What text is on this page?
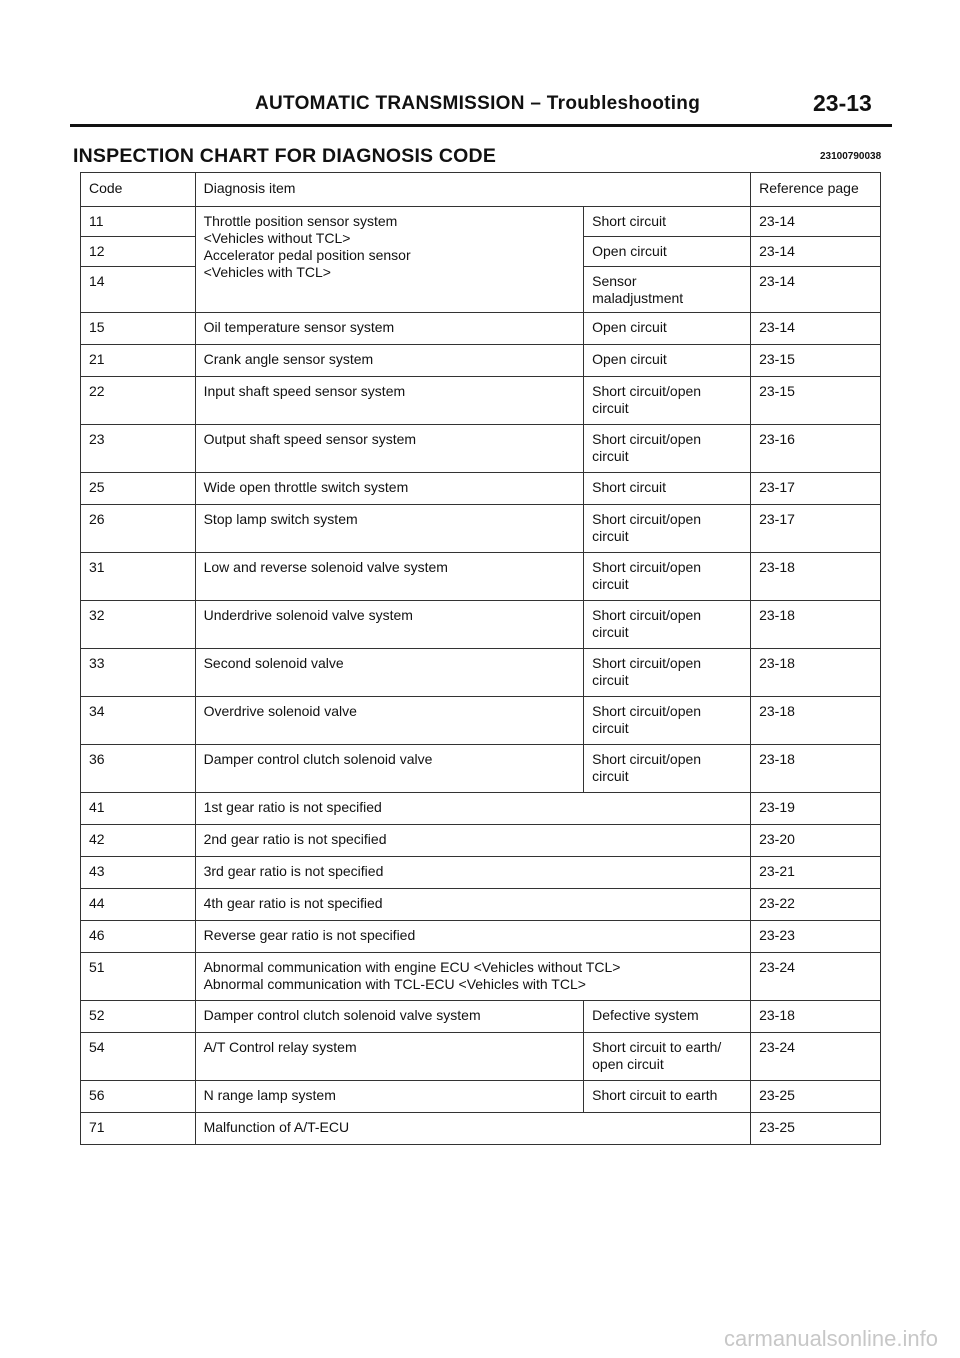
AUTOMATIC TRANSMISSION – Troubleshooting	23-13
INSPECTION CHART FOR DIAGNOSIS CODE	23100790038
Code	Diagnosis item		Reference page
11	Throttle position sensor system
<Vehicles without TCL>
Accelerator pedal position sensor
<Vehicles with TCL>	Short circuit	23-14
12		Open circuit	23-14
14		Sensor
maladjustment	23-14
15	Oil temperature sensor system	Open circuit	23-14
21	Crank angle sensor system	Open circuit	23-15
22	Input shaft speed sensor system	Short circuit/open
circuit	23-15
23	Output shaft speed sensor system	Short circuit/open
circuit	23-16
25	Wide open throttle switch system	Short circuit	23-17
26	Stop lamp switch system	Short circuit/open
circuit	23-17
31	Low and reverse solenoid valve system	Short circuit/open
circuit	23-18
32	Underdrive solenoid valve system	Short circuit/open
circuit	23-18
33	Second solenoid valve	Short circuit/open
circuit	23-18
34	Overdrive solenoid valve	Short circuit/open
circuit	23-18
36	Damper control clutch solenoid valve	Short circuit/open
circuit	23-18
41	1st gear ratio is not specified		23-19
42	2nd gear ratio is not specified		23-20
43	3rd gear ratio is not specified		23-21
44	4th gear ratio is not specified		23-22
46	Reverse gear ratio is not specified		23-23
51	Abnormal communication with engine ECU <Vehicles without TCL>
Abnormal communication with TCL-ECU <Vehicles with TCL>		23-24
52	Damper control clutch solenoid valve system	Defective system	23-18
54	A/T Control relay system	Short circuit to earth/
open circuit	23-24
56	N range lamp system	Short circuit to earth	23-25
71	Malfunction of A/T-ECU		23-25
carmanualsonline.info
